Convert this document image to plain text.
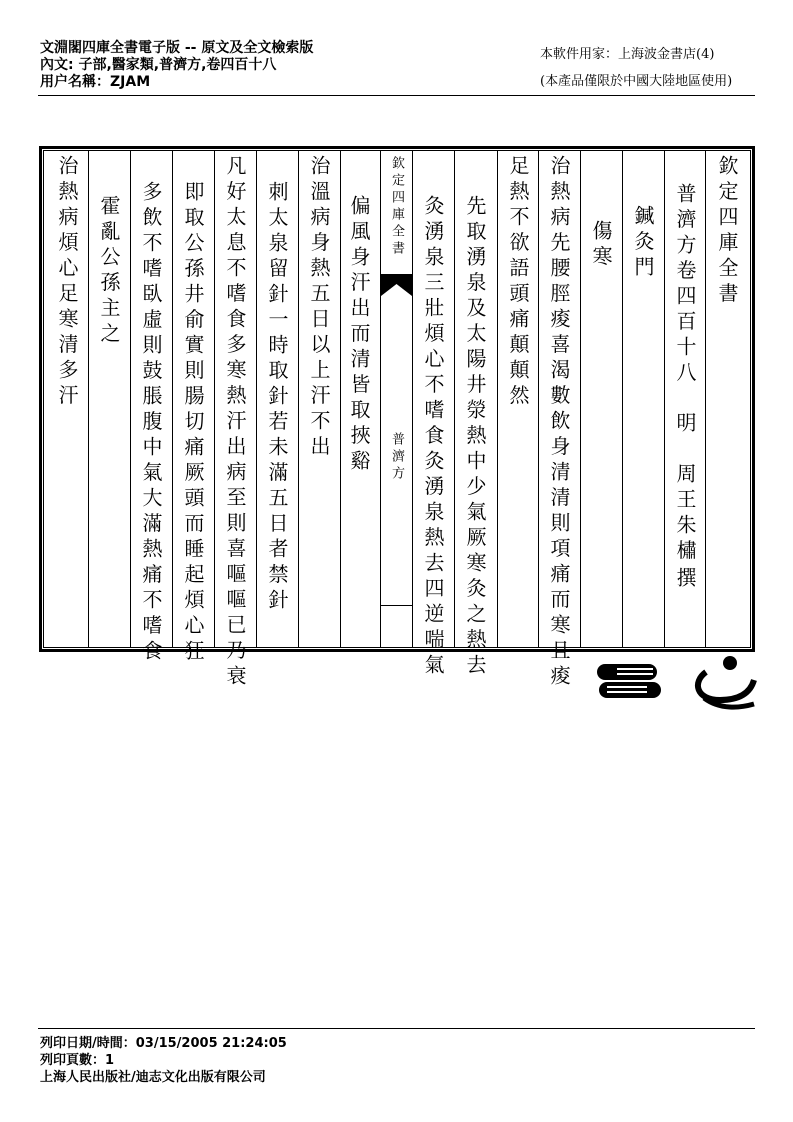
文淵閣四庫全書電子版 -- 原文及全文檢索版
內文: 子部,醫家類,普濟方,卷四百十八
用户名稱：ZJAM
本軟件用家：上海波金書店(4)
(本產品僅限於中國大陸地區使用)
欽定四庫全書
普濟方卷四百十八
明
周王朱橚
撰
鍼灸門
傷寒
治熱病先腰脛痠喜渴數飲身清清則項痛而寒且痠
足熱不欲語頭痛顛顛然
先取湧泉及太陽井滎熱中少氣厥寒灸之熱去
灸湧泉三壯煩心不嗜食灸湧泉熱去四逆喘氣
欽定四庫全書
普濟方
偏風身汗出而清皆取挾谿
治溫病身熱五日以上汗不出
刺太泉留針一時取針若未滿五日者禁針
凡好太息不嗜食多寒熱汗出病至則喜嘔嘔已乃衰
即取公孫井俞實則腸切痛厥頭而睡起煩心狂
多飲不嗜臥虛則鼓脹腹中氣大滿熱痛不嗜食
霍亂公孫主之
治熱病煩心足寒清多汗
列印日期/時間：03/15/2005 21:24:05
列印頁數：1
上海人民出版社/迪志文化出版有限公司
